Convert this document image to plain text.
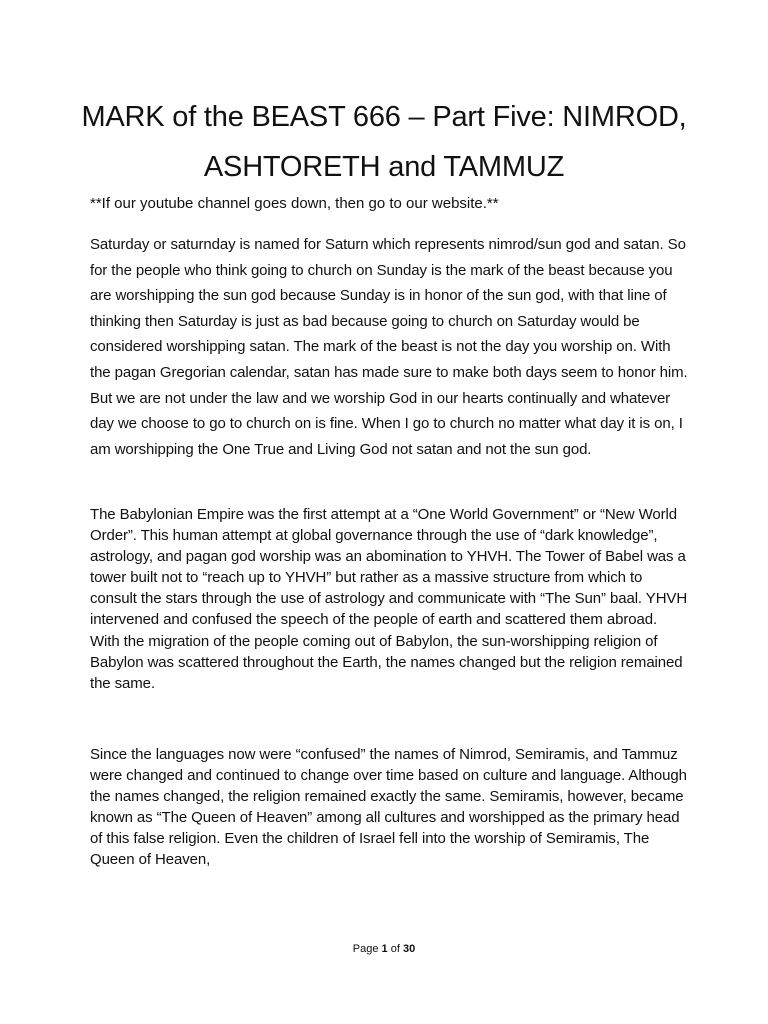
MARK of the BEAST 666 – Part Five: NIMROD, ASHTORETH and TAMMUZ

**If our youtube channel goes down, then go to our website.**

Saturday or saturnday is named for Saturn which represents nimrod/sun god and satan. So for the people who think going to church on Sunday is the mark of the beast because you are worshipping the sun god because Sunday is in honor of the sun god, with that line of thinking then Saturday is just as bad because going to church on Saturday would be considered worshipping satan. The mark of the beast is not the day you worship on. With the pagan Gregorian calendar, satan has made sure to make both days seem to honor him. But we are not under the law and we worship God in our hearts continually and whatever day we choose to go to church on is fine. When I go to church no matter what day it is on, I am worshipping the One True and Living God not satan and not the sun god.

The Babylonian Empire was the first attempt at a “One World Government” or “New World Order”. This human attempt at global governance through the use of “dark knowledge”, astrology, and pagan god worship was an abomination to YHVH. The Tower of Babel was a tower built not to “reach up to YHVH” but rather as a massive structure from which to consult the stars through the use of astrology and communicate with “The Sun” baal. YHVH intervened and confused the speech of the people of earth and scattered them abroad. With the migration of the people coming out of Babylon, the sun-worshipping religion of Babylon was scattered throughout the Earth, the names changed but the religion remained the same.

Since the languages now were “confused” the names of Nimrod, Semiramis, and Tammuz were changed and continued to change over time based on culture and language. Although the names changed, the religion remained exactly the same. Semiramis, however, became known as “The Queen of Heaven” among all cultures and worshipped as the primary head of this false religion. Even the children of Israel fell into the worship of Semiramis, The Queen of Heaven,

Page 1 of 30
